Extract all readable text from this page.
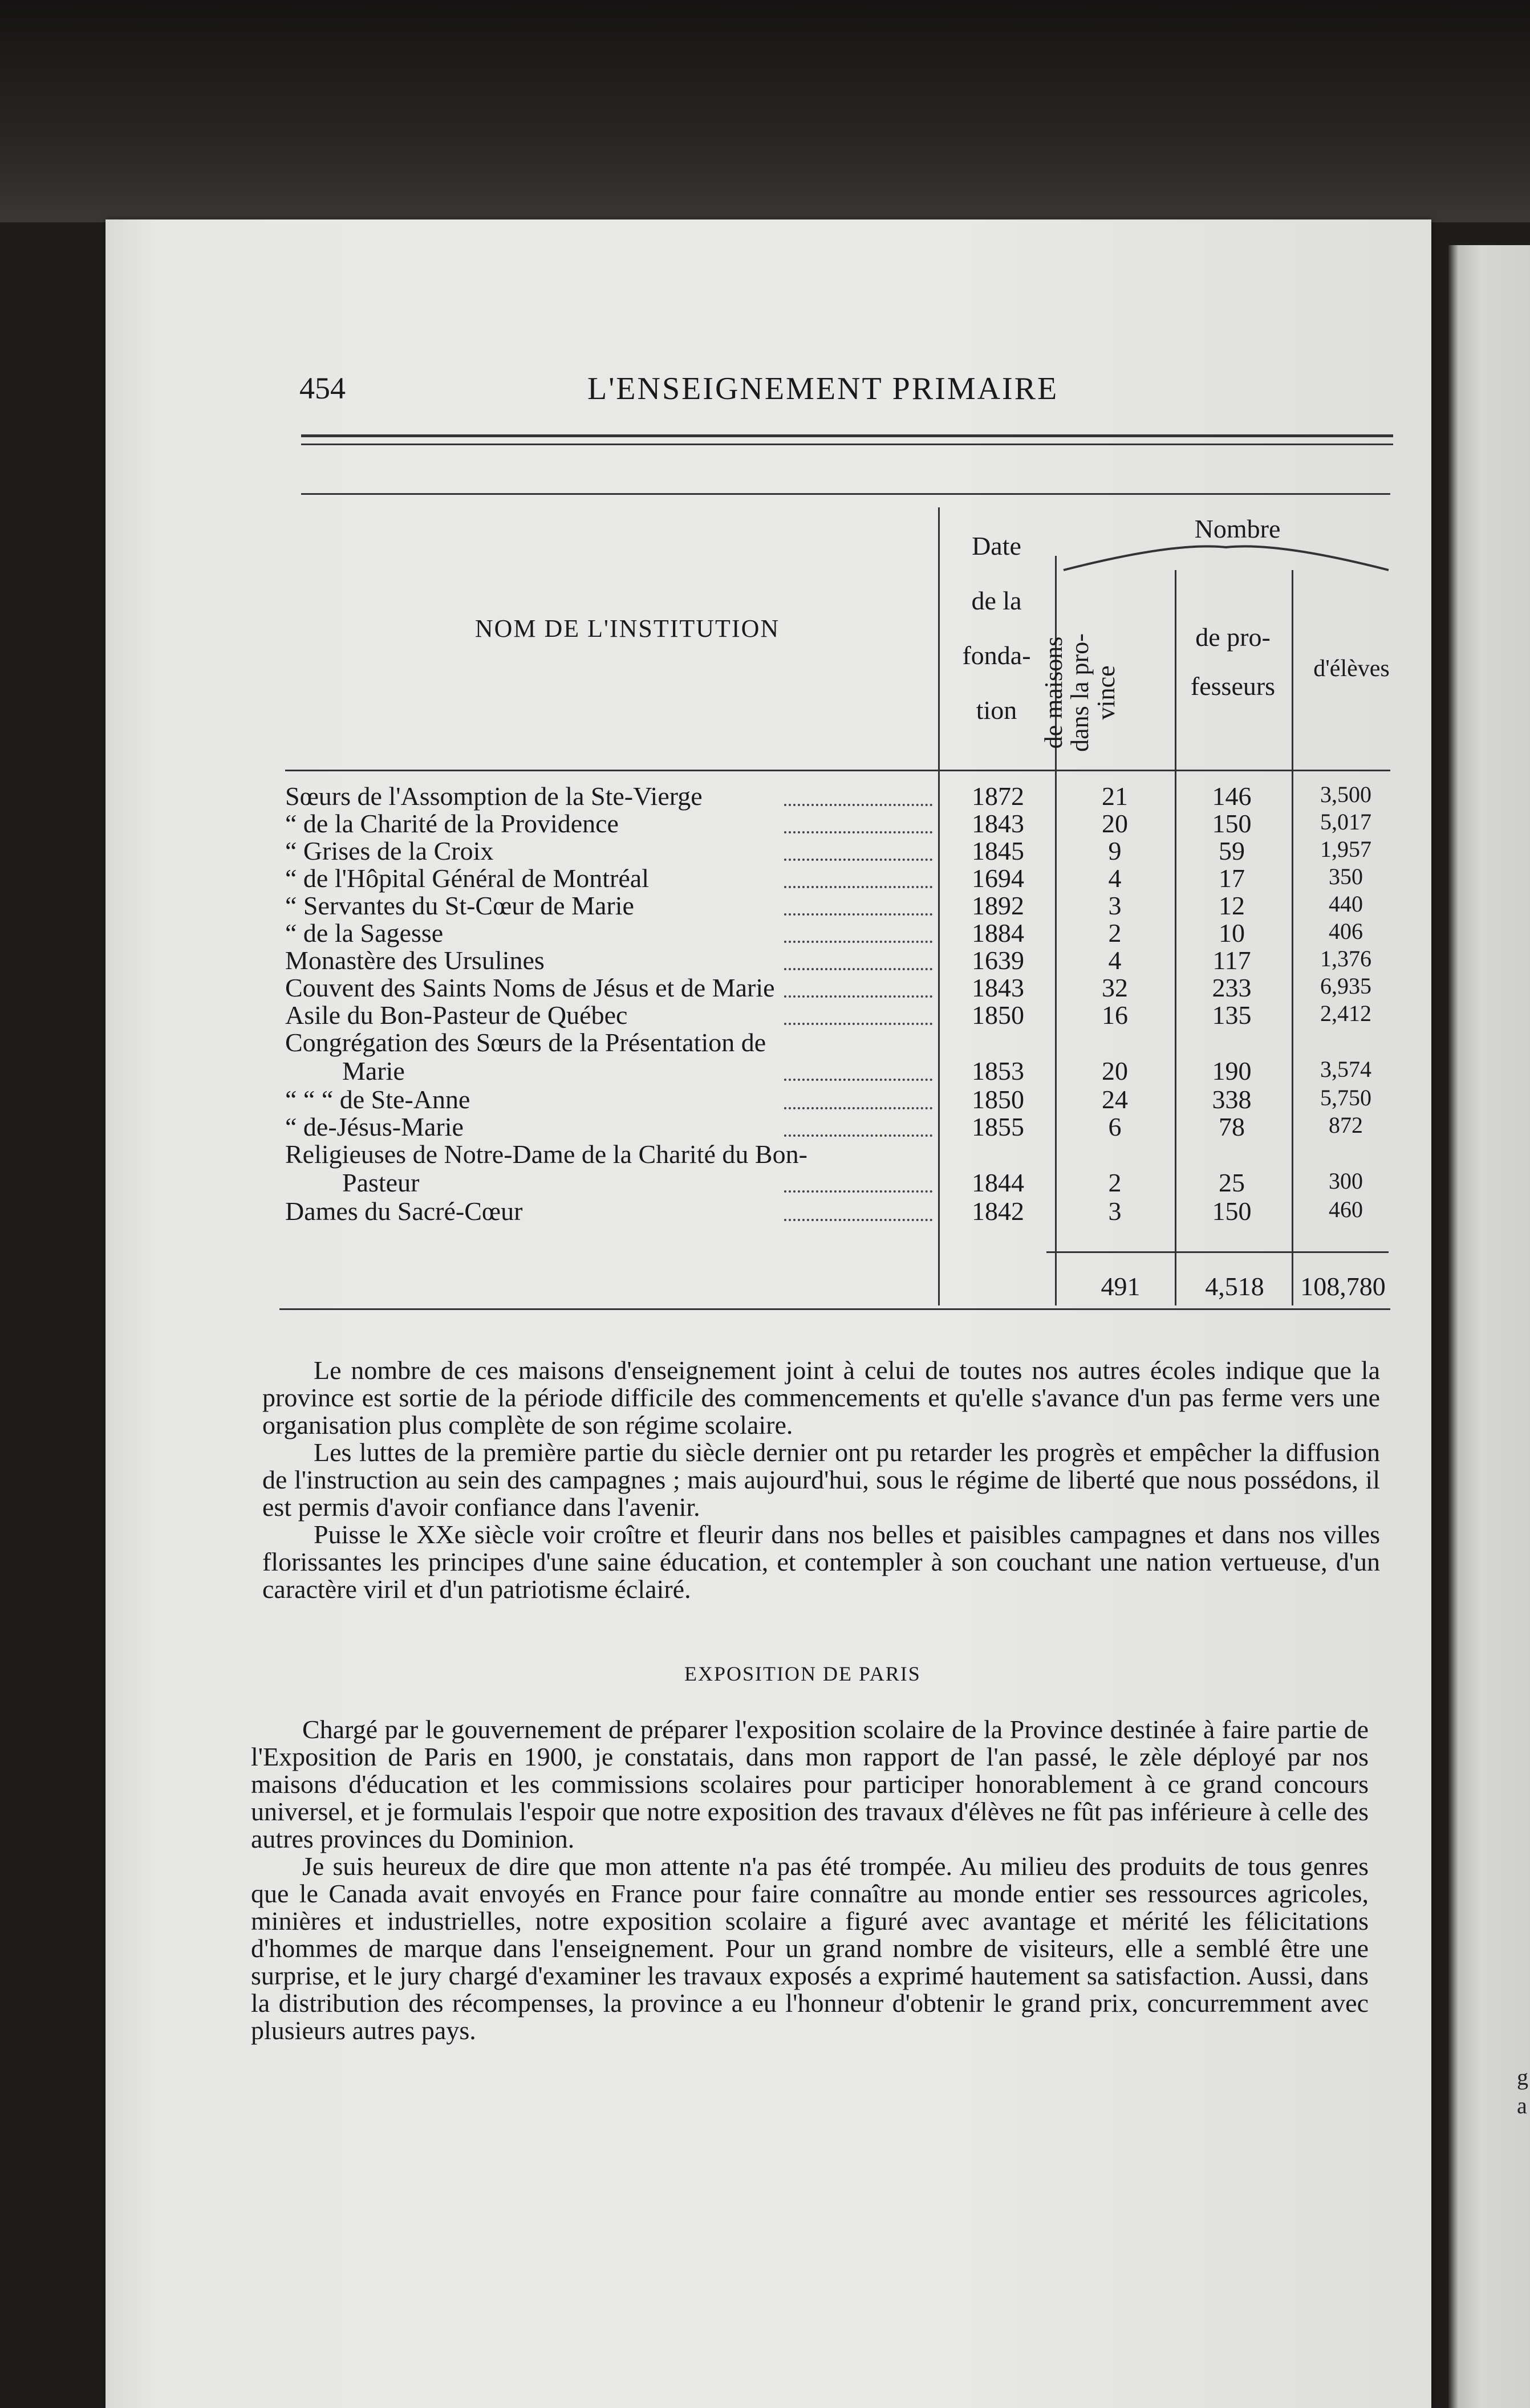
g
a
454	L'ENSEIGNEMENT PRIMAIRE
NOM DE L'INSTITUTION
Date
de la
fonda-
tion
Nombre
de maisons
dans la pro-
vince
de pro-
fesseurs
d'élèves
Sœurs de l'Assomption de la Ste-Vierge	1872	21	146	3,500
“ de la Charité de la Providence	1843	20	150	5,017
“ Grises de la Croix	1845	9	59	1,957
“ de l'Hôpital Général de Montréal	1694	4	17	350
“ Servantes du St-Cœur de Marie	1892	3	12	440
“ de la Sagesse	1884	2	10	406
Monastère des Ursulines	1639	4	117	1,376
Couvent des Saints Noms de Jésus et de Marie	1843	32	233	6,935
Asile du Bon-Pasteur de Québec	1850	16	135	2,412
Congrégation des Sœurs de la Présentation de
Marie	1853	20	190	3,574
“ “ “ de Ste-Anne	1850	24	338	5,750
“ de-Jésus-Marie	1855	6	78	872
Religieuses de Notre-Dame de la Charité du Bon-
Pasteur	1844	2	25	300
Dames du Sacré-Cœur	1842	3	150	460
491	4,518	108,780

Le nombre de ces maisons d'enseignement joint à celui de toutes nos autres écoles indique que la province est sortie de la période difficile des commencements et qu'elle s'avance d'un pas ferme vers une organisation plus complète de son régime scolaire.

Les luttes de la première partie du siècle dernier ont pu retarder les progrès et empêcher la diffusion de l'instruction au sein des campagnes ; mais aujourd'hui, sous le régime de liberté que nous possédons, il est permis d'avoir confiance dans l'avenir.

Puisse le XXe siècle voir croître et fleurir dans nos belles et paisibles campagnes et dans nos villes florissantes les principes d'une saine éducation, et contempler à son couchant une nation vertueuse, d'un caractère viril et d'un patriotisme éclairé.

EXPOSITION DE PARIS

Chargé par le gouvernement de préparer l'exposition scolaire de la Province destinée à faire partie de l'Exposition de Paris en 1900, je constatais, dans mon rapport de l'an passé, le zèle déployé par nos maisons d'éducation et les commissions scolaires pour participer honorablement à ce grand concours universel, et je formulais l'espoir que notre exposition des travaux d'élèves ne fût pas inférieure à celle des autres provinces du Dominion.

Je suis heureux de dire que mon attente n'a pas été trompée. Au milieu des produits de tous genres que le Canada avait envoyés en France pour faire connaître au monde entier ses ressources agricoles, minières et industrielles, notre exposition scolaire a figuré avec avantage et mérité les félicitations d'hommes de marque dans l'enseignement. Pour un grand nombre de visiteurs, elle a semblé être une surprise, et le jury chargé d'examiner les travaux exposés a exprimé hautement sa satisfaction. Aussi, dans la distribution des récompenses, la province a eu l'honneur d'obtenir le grand prix, concurremment avec plusieurs autres pays.
